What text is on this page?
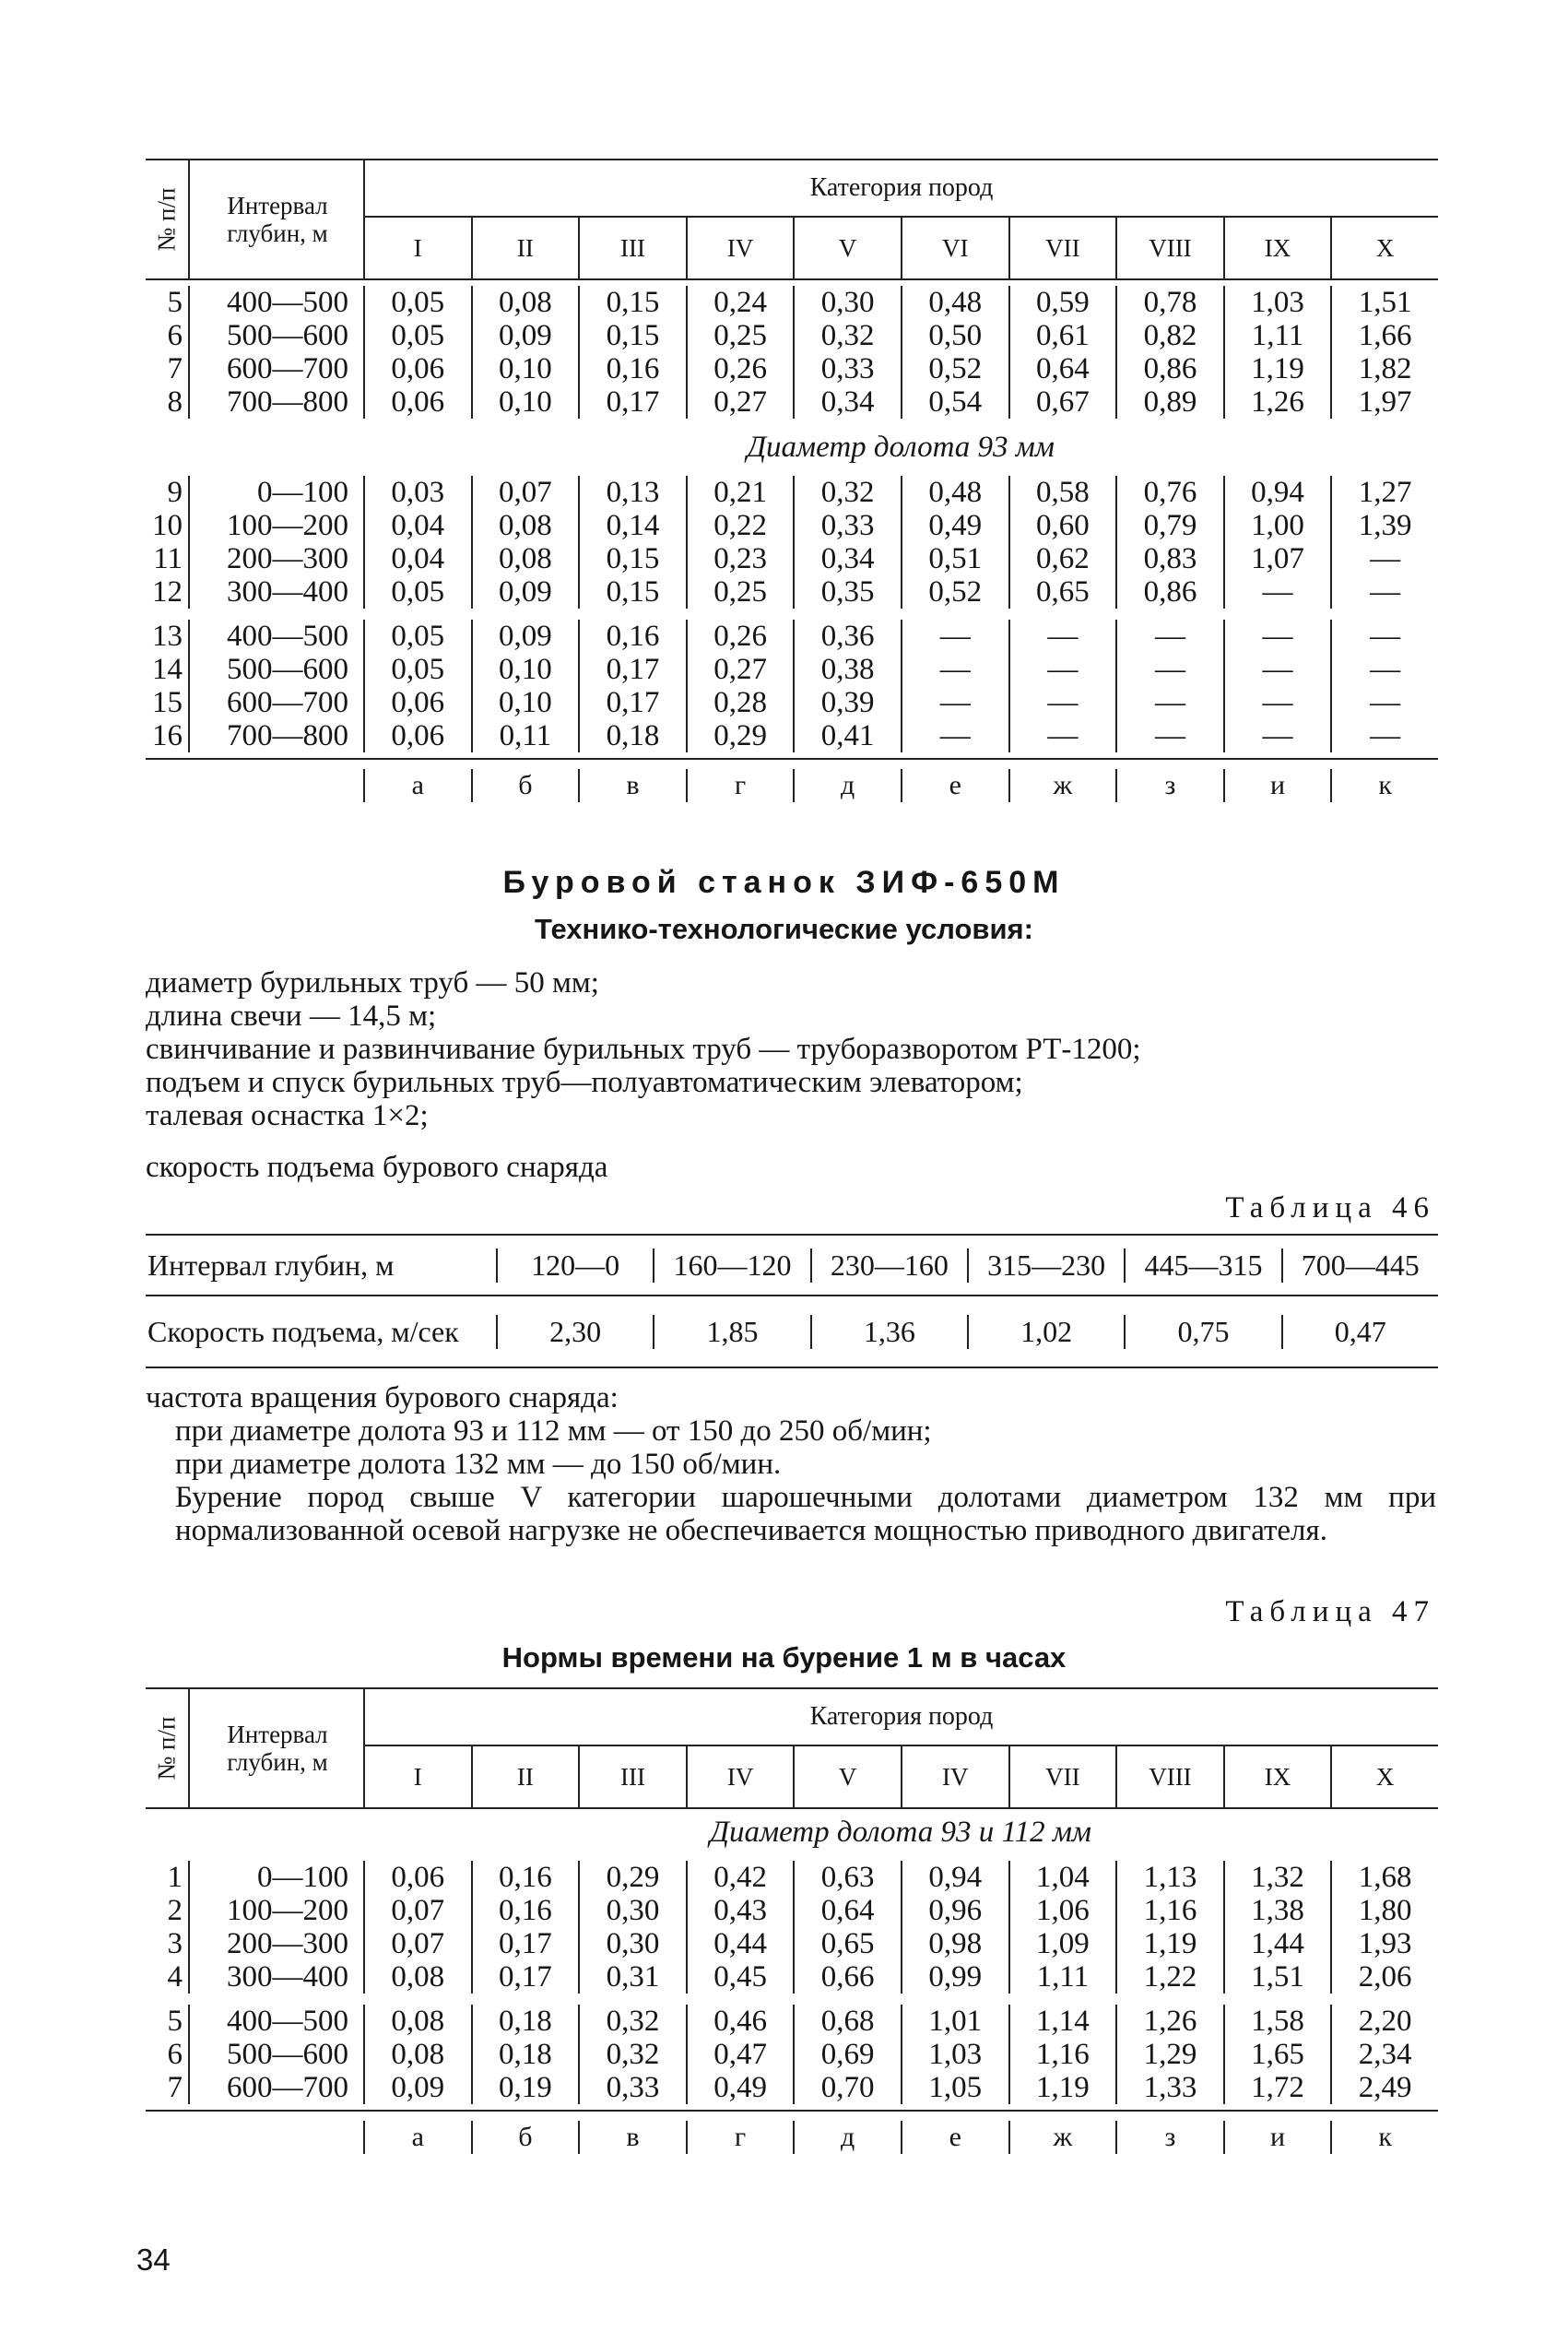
№ п/п	Интервал глубин, м
Категория пород
I	II	III	IV	V	VI	VII	VIII	IX	X
5	400—500	0,05	0,08	0,15	0,24	0,30	0,48	0,59	0,78	1,03	1,51
6	500—600	0,05	0,09	0,15	0,25	0,32	0,50	0,61	0,82	1,11	1,66
7	600—700	0,06	0,10	0,16	0,26	0,33	0,52	0,64	0,86	1,19	1,82
8	700—800	0,06	0,10	0,17	0,27	0,34	0,54	0,67	0,89	1,26	1,97
Диаметр долота 93 мм
9	0—100	0,03	0,07	0,13	0,21	0,32	0,48	0,58	0,76	0,94	1,27
10	100—200	0,04	0,08	0,14	0,22	0,33	0,49	0,60	0,79	1,00	1,39
11	200—300	0,04	0,08	0,15	0,23	0,34	0,51	0,62	0,83	1,07	—
12	300—400	0,05	0,09	0,15	0,25	0,35	0,52	0,65	0,86	—	—
13	400—500	0,05	0,09	0,16	0,26	0,36	—	—	—	—	—
14	500—600	0,05	0,10	0,17	0,27	0,38	—	—	—	—	—
15	600—700	0,06	0,10	0,17	0,28	0,39	—	—	—	—	—
16	700—800	0,06	0,11	0,18	0,29	0,41	—	—	—	—	—
а	б	в	г	д	е	ж	з	и	к
Буровой станок ЗИФ-650М
Технико-технологические условия:

диаметр бурильных труб — 50 мм;

длина свечи — 14,5 м;

свинчивание и развинчивание бурильных труб — труборазворотом РТ-1200;

подъем и спуск бурильных труб—полуавтоматическим элеватором;

талевая оснастка 1×2;

скорость подъема бурового снаряда
Таблица 46
Интервал глубин, м	120—0	160—120	230—160	315—230	445—315	700—445
Скорость подъема, м/сек	2,30	1,85	1,36	1,02	0,75	0,47

частота вращения бурового снаряда:

при диаметре долота 93 и 112 мм — от 150 до 250 об/мин;

при диаметре долота 132 мм — до 150 об/мин.

Бурение пород свыше V категории шарошечными долотами диаметром 132 мм при нормализованной осевой нагрузке не обеспечивается мощностью приводного двигателя.

Таблица 47
Нормы времени на бурение 1 м в часах
№ п/п	Интервал глубин, м
Категория пород
I	II	III	IV	V	IV	VII	VIII	IX	X
Диаметр долота 93 и 112 мм
1	0—100	0,06	0,16	0,29	0,42	0,63	0,94	1,04	1,13	1,32	1,68
2	100—200	0,07	0,16	0,30	0,43	0,64	0,96	1,06	1,16	1,38	1,80
3	200—300	0,07	0,17	0,30	0,44	0,65	0,98	1,09	1,19	1,44	1,93
4	300—400	0,08	0,17	0,31	0,45	0,66	0,99	1,11	1,22	1,51	2,06
5	400—500	0,08	0,18	0,32	0,46	0,68	1,01	1,14	1,26	1,58	2,20
6	500—600	0,08	0,18	0,32	0,47	0,69	1,03	1,16	1,29	1,65	2,34
7	600—700	0,09	0,19	0,33	0,49	0,70	1,05	1,19	1,33	1,72	2,49
а	б	в	г	д	е	ж	з	и	к
34
